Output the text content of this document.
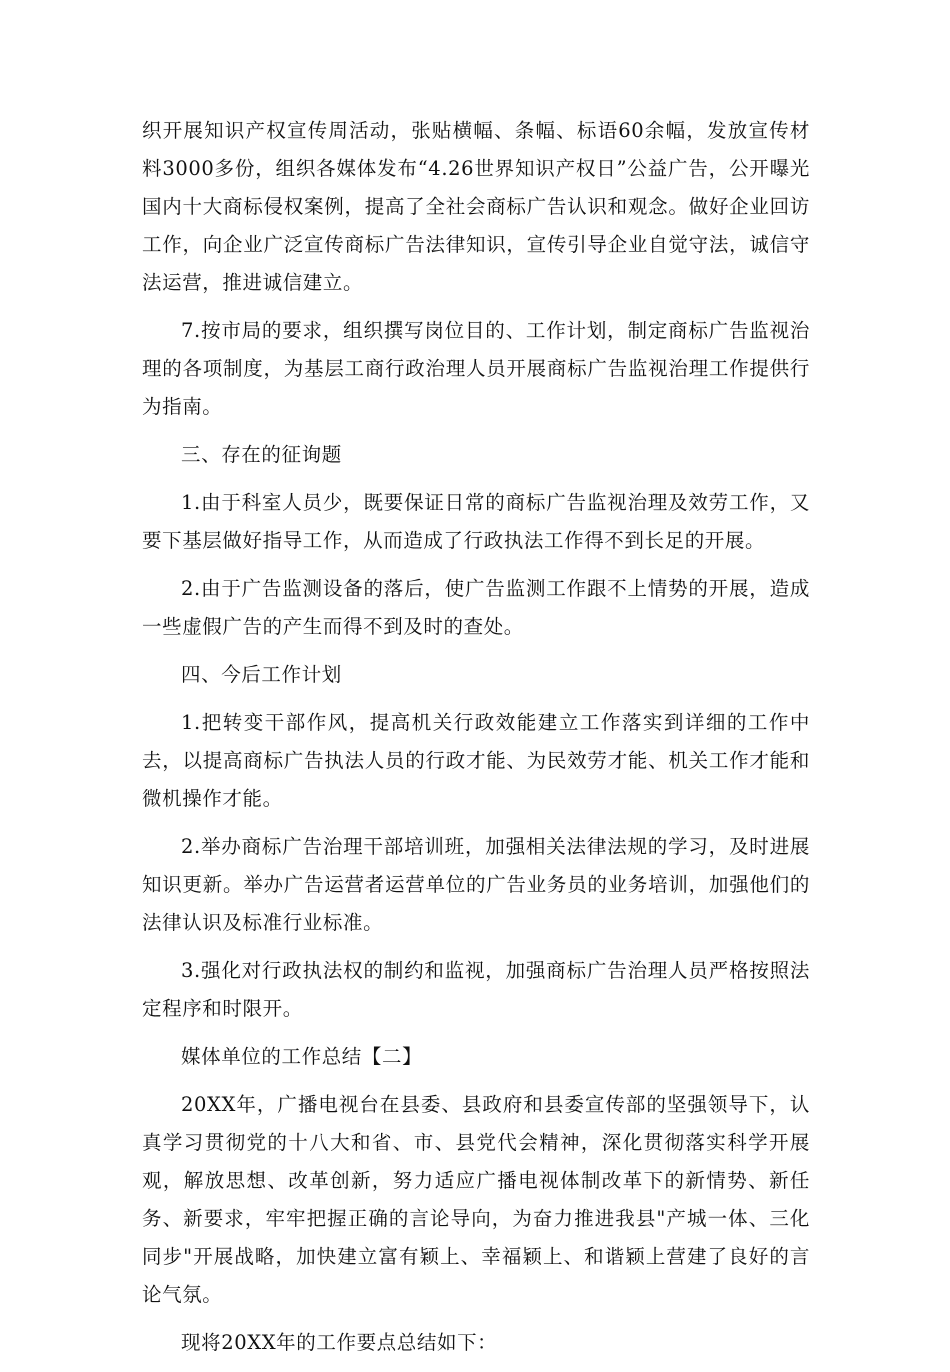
织开展知识产权宣传周活动，张贴横幅、条幅、标语60余幅，发放宣传材料3000多份，组织各媒体发布“4.26世界知识产权日”公益广告，公开曝光国内十大商标侵权案例，提高了全社会商标广告认识和观念。做好企业回访工作，向企业广泛宣传商标广告法律知识，宣传引导企业自觉守法，诚信守法运营，推进诚信建立。

7.按市局的要求，组织撰写岗位目的、工作计划，制定商标广告监视治理的各项制度，为基层工商行政治理人员开展商标广告监视治理工作提供行为指南。

三、存在的征询题

1.由于科室人员少，既要保证日常的商标广告监视治理及效劳工作，又要下基层做好指导工作，从而造成了行政执法工作得不到长足的开展。

2.由于广告监测设备的落后，使广告监测工作跟不上情势的开展，造成一些虚假广告的产生而得不到及时的查处。

四、今后工作计划

1.把转变干部作风，提高机关行政效能建立工作落实到详细的工作中去，以提高商标广告执法人员的行政才能、为民效劳才能、机关工作才能和微机操作才能。

2.举办商标广告治理干部培训班，加强相关法律法规的学习，及时进展知识更新。举办广告运营者运营单位的广告业务员的业务培训，加强他们的法律认识及标准行业标准。

3.强化对行政执法权的制约和监视，加强商标广告治理人员严格按照法定程序和时限开。

媒体单位的工作总结【二】

20XX年，广播电视台在县委、县政府和县委宣传部的坚强领导下，认真学习贯彻党的十八大和省、市、县党代会精神，深化贯彻落实科学开展观，解放思想、改革创新，努力适应广播电视体制改革下的新情势、新任务、新要求，牢牢把握正确的言论导向，为奋力推进我县"产城一体、三化同步"开展战略，加快建立富有颖上、幸福颖上、和谐颖上营建了良好的言论气氛。

现将20XX年的工作要点总结如下：
